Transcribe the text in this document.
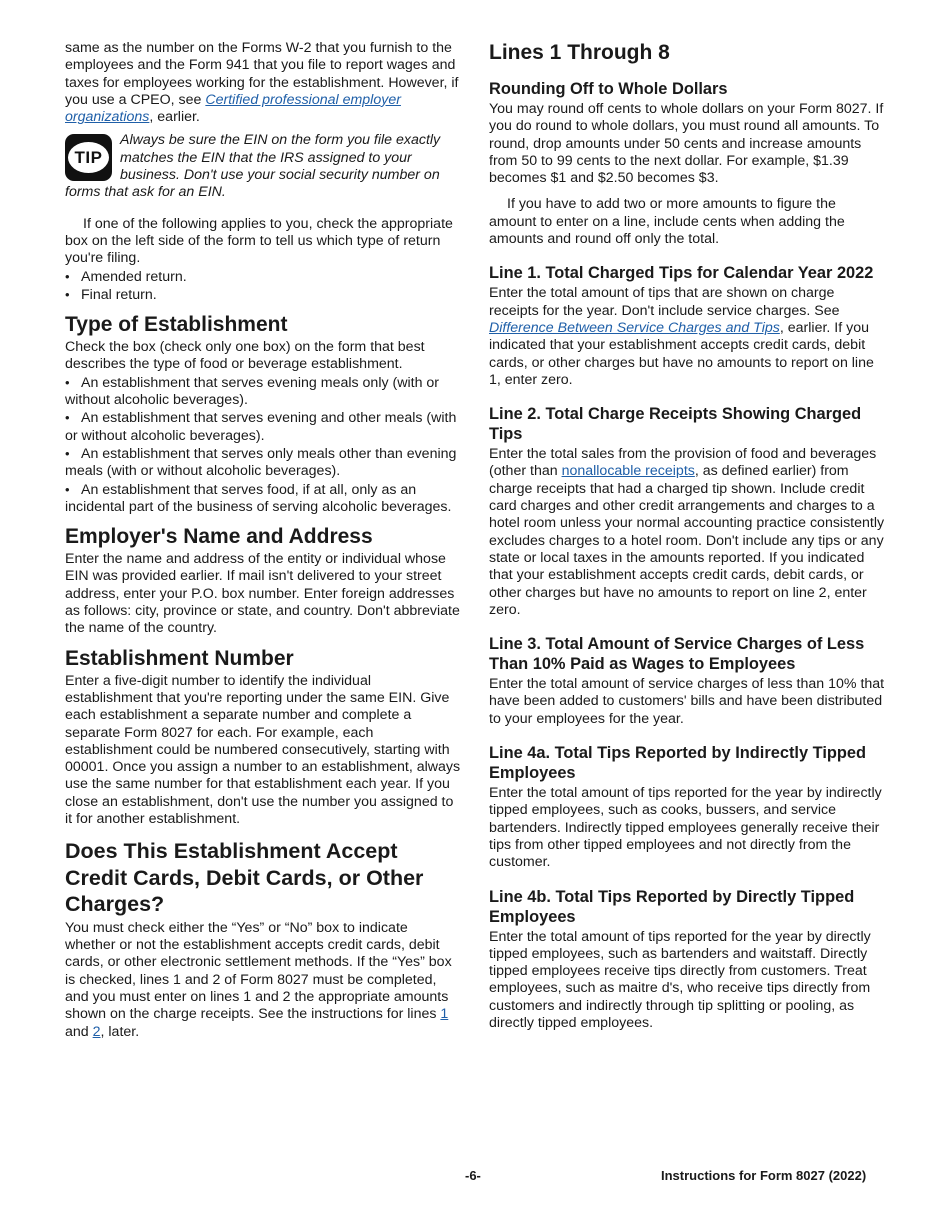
same as the number on the Forms W-2 that you furnish to the employees and the Form 941 that you file to report wages and taxes for employees working for the establishment. However, if you use a CPEO, see Certified professional employer organizations, earlier.

TIP
Always be sure the EIN on the form you file exactly matches the EIN that the IRS assigned to your business. Don't use your social security number on forms that ask for an EIN.

If one of the following applies to you, check the appropriate box on the left side of the form to tell us which type of return you're filing.

• Amended return.
• Final return.
Type of Establishment

Check the box (check only one box) on the form that best describes the type of food or beverage establishment.

• An establishment that serves evening meals only (with or without alcoholic beverages).
• An establishment that serves evening and other meals (with or without alcoholic beverages).
• An establishment that serves only meals other than evening meals (with or without alcoholic beverages).
• An establishment that serves food, if at all, only as an incidental part of the business of serving alcoholic beverages.
Employer's Name and Address

Enter the name and address of the entity or individual whose EIN was provided earlier. If mail isn't delivered to your street address, enter your P.O. box number. Enter foreign addresses as follows: city, province or state, and country. Don't abbreviate the name of the country.

Establishment Number

Enter a five-digit number to identify the individual establishment that you're reporting under the same EIN. Give each establishment a separate number and complete a separate Form 8027 for each. For example, each establishment could be numbered consecutively, starting with 00001. Once you assign a number to an establishment, always use the same number for that establishment each year. If you close an establishment, don't use the number you assigned to it for another establishment.

Does This Establishment Accept Credit Cards, Debit Cards, or Other Charges?

You must check either the “Yes” or “No” box to indicate whether or not the establishment accepts credit cards, debit cards, or other electronic settlement methods. If the “Yes” box is checked, lines 1 and 2 of Form 8027 must be completed, and you must enter on lines 1 and 2 the appropriate amounts shown on the charge receipts. See the instructions for lines 1 and 2, later.

Lines 1 Through 8
Rounding Off to Whole Dollars

You may round off cents to whole dollars on your Form 8027. If you do round to whole dollars, you must round all amounts. To round, drop amounts under 50 cents and increase amounts from 50 to 99 cents to the next dollar. For example, $1.39 becomes $1 and $2.50 becomes $3.

If you have to add two or more amounts to figure the amount to enter on a line, include cents when adding the amounts and round off only the total.

Line 1. Total Charged Tips for Calendar Year 2022

Enter the total amount of tips that are shown on charge receipts for the year. Don't include service charges. See Difference Between Service Charges and Tips, earlier. If you indicated that your establishment accepts credit cards, debit cards, or other charges but have no amounts to report on line 1, enter zero.

Line 2. Total Charge Receipts Showing Charged Tips

Enter the total sales from the provision of food and beverages (other than nonallocable receipts, as defined earlier) from charge receipts that had a charged tip shown. Include credit card charges and other credit arrangements and charges to a hotel room unless your normal accounting practice consistently excludes charges to a hotel room. Don't include any tips or any state or local taxes in the amounts reported. If you indicated that your establishment accepts credit cards, debit cards, or other charges but have no amounts to report on line 2, enter zero.

Line 3. Total Amount of Service Charges of Less Than 10% Paid as Wages to Employees

Enter the total amount of service charges of less than 10% that have been added to customers' bills and have been distributed to your employees for the year.

Line 4a. Total Tips Reported by Indirectly Tipped Employees

Enter the total amount of tips reported for the year by indirectly tipped employees, such as cooks, bussers, and service bartenders. Indirectly tipped employees generally receive their tips from other tipped employees and not directly from the customer.

Line 4b. Total Tips Reported by Directly Tipped Employees

Enter the total amount of tips reported for the year by directly tipped employees, such as bartenders and waitstaff. Directly tipped employees receive tips directly from customers. Treat employees, such as maitre d's, who receive tips directly from customers and indirectly through tip splitting or pooling, as directly tipped employees.

-6-	Instructions for Form 8027 (2022)
